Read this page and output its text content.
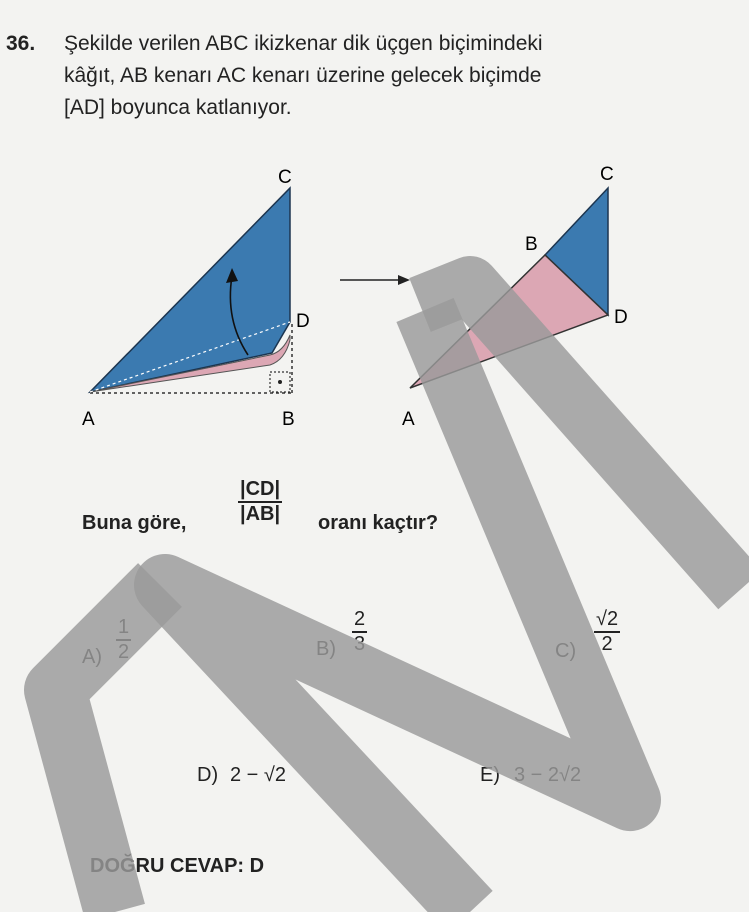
36. Şekilde verilen ABC ikizkenar dik üçgen biçimindeki
kâğıt, AB kenarı AC kenarı üzerine gelecek biçimde
[AD] boyunca katlanıyor.
C
D
A	B
C
B
D
A
Buna göre,
|CD|
|AB| oranı kaçtır?
A)
1
2	B)
2
3	C)
√2
2
D) 2 − √2	E) 3 − 2√2
DOĞRU CEVAP: D
